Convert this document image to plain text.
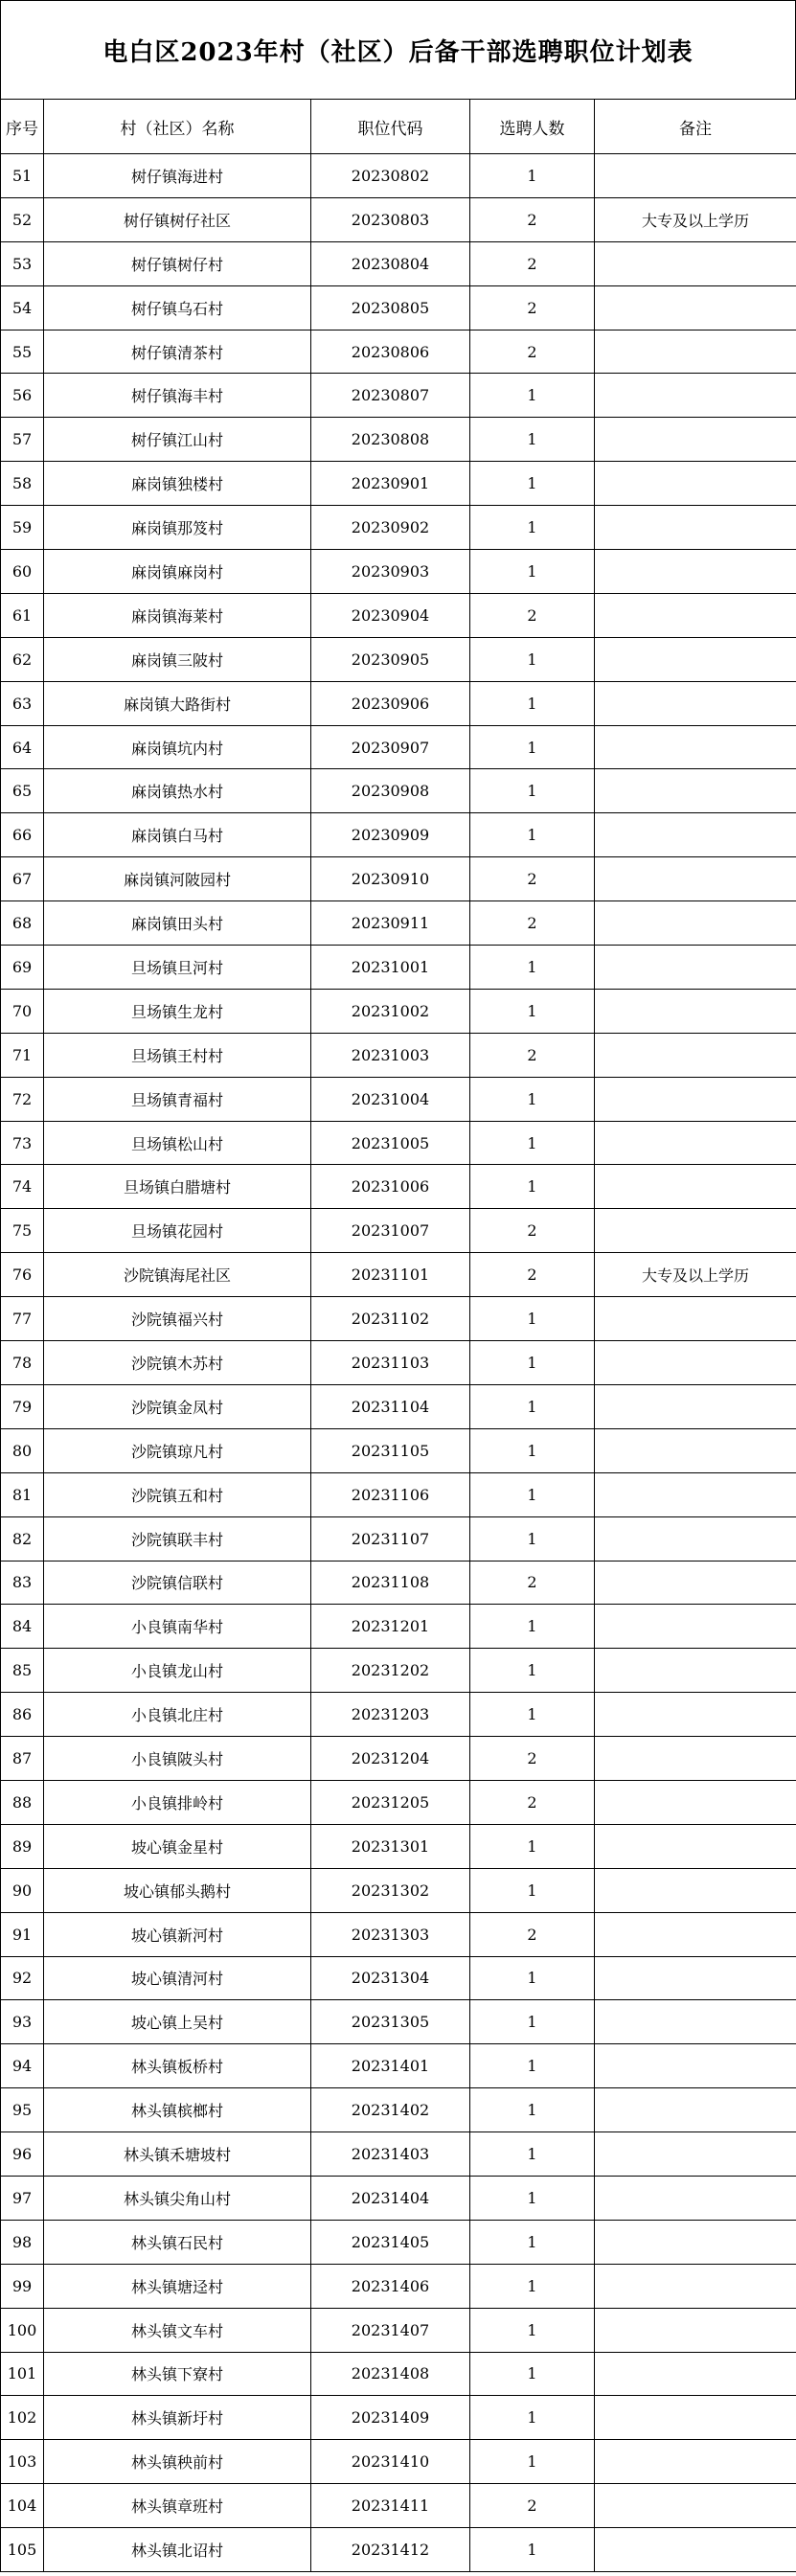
电白区2023年村（社区）后备干部选聘职位计划表
序号	村（社区）名称	职位代码	选聘人数	备注
51	树仔镇海进村	20230802	1	
52	树仔镇树仔社区	20230803	2	大专及以上学历
53	树仔镇树仔村	20230804	2	
54	树仔镇乌石村	20230805	2	
55	树仔镇清茶村	20230806	2	
56	树仔镇海丰村	20230807	1	
57	树仔镇江山村	20230808	1	
58	麻岗镇独楼村	20230901	1	
59	麻岗镇那笈村	20230902	1	
60	麻岗镇麻岗村	20230903	1	
61	麻岗镇海莱村	20230904	2	
62	麻岗镇三陂村	20230905	1	
63	麻岗镇大路街村	20230906	1	
64	麻岗镇坑内村	20230907	1	
65	麻岗镇热水村	20230908	1	
66	麻岗镇白马村	20230909	1	
67	麻岗镇河陂园村	20230910	2	
68	麻岗镇田头村	20230911	2	
69	旦场镇旦河村	20231001	1	
70	旦场镇生龙村	20231002	1	
71	旦场镇王村村	20231003	2	
72	旦场镇青福村	20231004	1	
73	旦场镇松山村	20231005	1	
74	旦场镇白腊塘村	20231006	1	
75	旦场镇花园村	20231007	2	
76	沙院镇海尾社区	20231101	2	大专及以上学历
77	沙院镇福兴村	20231102	1	
78	沙院镇木苏村	20231103	1	
79	沙院镇金凤村	20231104	1	
80	沙院镇琼凡村	20231105	1	
81	沙院镇五和村	20231106	1	
82	沙院镇联丰村	20231107	1	
83	沙院镇信联村	20231108	2	
84	小良镇南华村	20231201	1	
85	小良镇龙山村	20231202	1	
86	小良镇北庄村	20231203	1	
87	小良镇陂头村	20231204	2	
88	小良镇排岭村	20231205	2	
89	坡心镇金星村	20231301	1	
90	坡心镇郁头鹅村	20231302	1	
91	坡心镇新河村	20231303	2	
92	坡心镇清河村	20231304	1	
93	坡心镇上吴村	20231305	1	
94	林头镇板桥村	20231401	1	
95	林头镇槟榔村	20231402	1	
96	林头镇禾塘坡村	20231403	1	
97	林头镇尖角山村	20231404	1	
98	林头镇石民村	20231405	1	
99	林头镇塘迳村	20231406	1	
100	林头镇文车村	20231407	1	
101	林头镇下寮村	20231408	1	
102	林头镇新圩村	20231409	1	
103	林头镇秧前村	20231410	1	
104	林头镇章班村	20231411	2	
105	林头镇北诏村	20231412	1	
